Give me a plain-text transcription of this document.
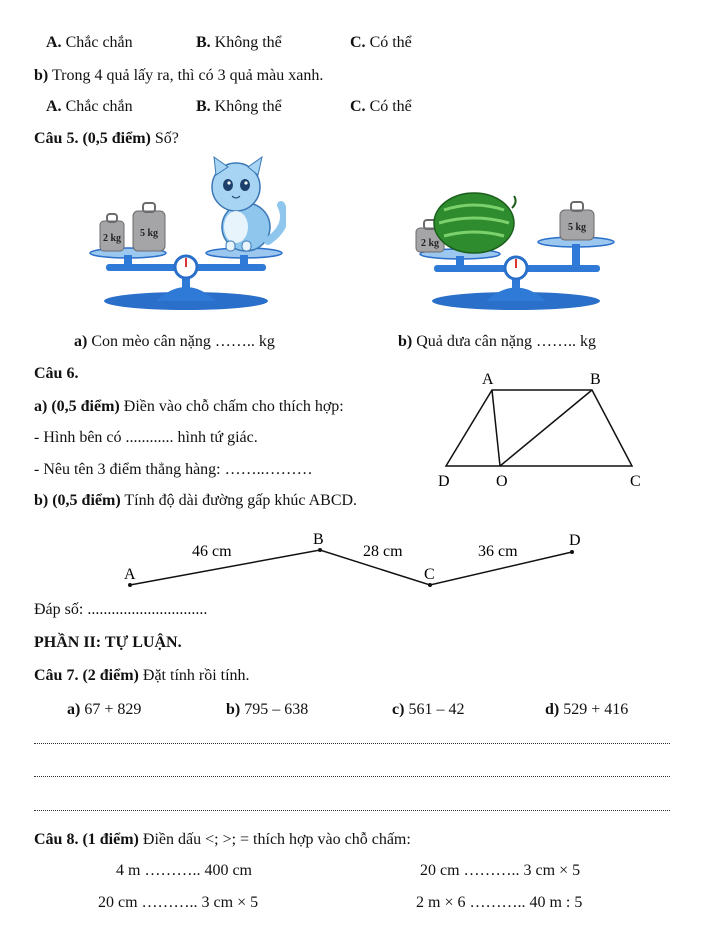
A. Chắc chắn	B. Không thể	C. Có thể
b) Trong 4 quả lấy ra, thì có 3 quả màu xanh.
A. Chắc chắn	B. Không thể	C. Có thể
Câu 5. (0,5 điểm) Số?
2 kg 5 kg
2 kg
5 kg
a) Con mèo cân nặng …….. kg	b) Quả dưa cân nặng …….. kg
Câu 6.
a) (0,5 điểm) Điền vào chỗ chấm cho thích hợp:
- Hình bên có ............ hình tứ giác.
- Nêu tên 3 điểm thẳng hàng: ……..………
b) (0,5 điểm) Tính độ dài đường gấp khúc ABCD.
A	B
C
D	O
A
B
C
D
46 cm	28 cm	36 cm
Đáp số: ..............................
PHẦN II: TỰ LUẬN.
Câu 7. (2 điểm) Đặt tính rồi tính.
a) 67 + 829	b) 795 – 638	c) 561 – 42	d) 529 + 416
Câu 8. (1 điểm) Điền dấu <; >; = thích hợp vào chỗ chấm:
4 m ……….. 400 cm	20 cm ……….. 3 cm × 5
20 cm ……….. 3 cm × 5	2 m × 6 ……….. 40 m : 5
